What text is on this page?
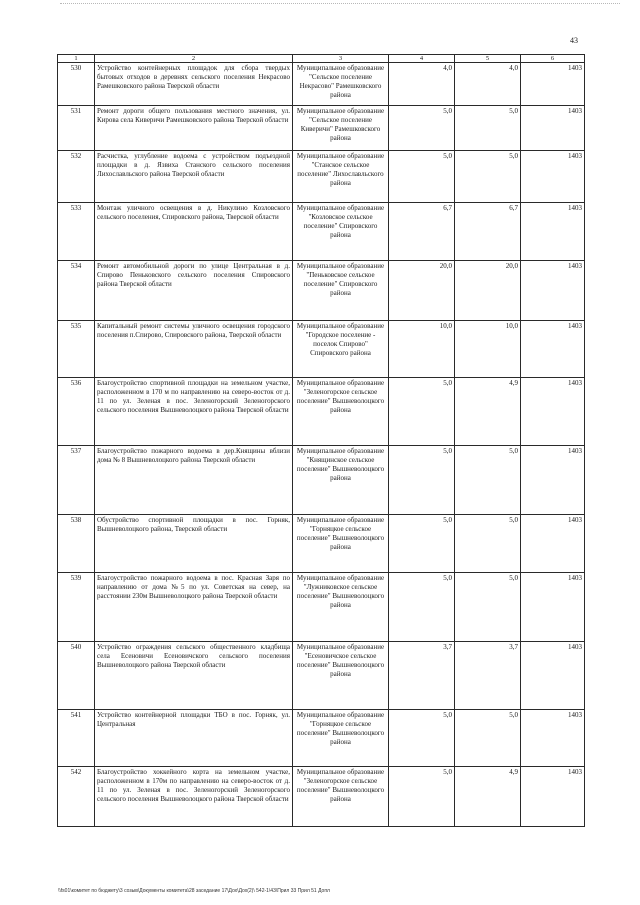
43
1	2	3	4	5	6
530	Устройство контейнерных площадок для сбора твердых бытовых отходов в деревнях сельского поселения Некрасово Рамешковского района Тверской области	Муниципальное образование "Сельское поселение Некрасово" Рамешковского района	4,0	4,0	1403
531	Ремонт дороги общего пользования местного значения, ул. Кирова села Киверичи Рамешковского района Тверской области	Муниципальное образование "Сельское поселение Киверичи" Рамешковского района	5,0	5,0	1403
532	Расчистка, углубление водоема с устройством подъездной площадки в д. Язвиха Станского сельского поселения Лихославльского района Тверской области	Муниципальное образование "Станское сельское поселение" Лихославльского района	5,0	5,0	1403
533	Монтаж уличного освещения в д. Никулино Козловского сельского поселения, Спировского района, Тверской области	Муниципальное образование "Козловское сельское поселение" Спировского района	6,7	6,7	1403
534	Ремонт автомобильной дороги по улице Центральная в д. Спирово Пеньковского сельского поселения Спировского района Тверской области	Муниципальное образование "Пеньковское сельское поселение" Спировского района	20,0	20,0	1403
535	Капитальный ремонт системы уличного освещения городского поселения п.Спирово, Спировского района, Тверской области	Муниципальное образование "Городское поселение - поселок Спирово" Спировского района	10,0	10,0	1403
536	Благоустройство спортивной площадки на земельном участке, расположенном в 170 м по направлению на северо-восток от д. 11 по ул. Зеленая в пос. Зеленогорский Зеленогорского сельского поселения Вышневолоцкого района Тверской области	Муниципальное образование "Зеленогорское сельское поселение" Вышневолоцкого района	5,0	4,9	1403
537	Благоустройство пожарного водоема в дер.Княщины вблизи дома № 8 Вышневолоцкого района Тверской области	Муниципальное образование "Княщинское сельское поселение" Вышневолоцкого района	5,0	5,0	1403
538	Обустройство спортивной площадки в пос. Горняк, Вышневолоцкого района, Тверской области	Муниципальное образование "Горняцкое сельское поселение" Вышневолоцкого района	5,0	5,0	1403
539	Благоустройство пожарного водоема в пос. Красная Заря по направлению от дома №5 по ул. Советская на север, на расстоянии 230м Вышневолоцкого района Тверской области	Муниципальное образование "Лужниковское сельское поселение" Вышневолоцкого района	5,0	5,0	1403
540	Устройство ограждения сельского общественного кладбища села Есеновичи Есеновичского сельского поселения Вышневолоцкого района Тверской области	Муниципальное образование "Есеновичское сельское поселение" Вышневолоцкого района	3,7	3,7	1403
541	Устройство контейнерной площадки ТБО в пос. Горняк, ул. Центральная	Муниципальное образование "Горняцкое сельское поселение" Вышневолоцкого района	5,0	5,0	1403
542	Благоустройство хоккейного корта на земельном участке, расположенном в 170м по направлению на северо-восток от д. 11 по ул. Зеленая в пос. Зеленогорский Зеленогорского сельского поселения Вышневолоцкого района Тверской области	Муниципальное образование "Зеленогорское сельское поселение" Вышневолоцкого района	5,0	4,9	1403
\\fs01\комитет по бюджету\3 созыв\Документы комитета\28 заседание 17\Дох\Дох(2)\ 542-1\43\Прил 33 Прил 51 Допл
